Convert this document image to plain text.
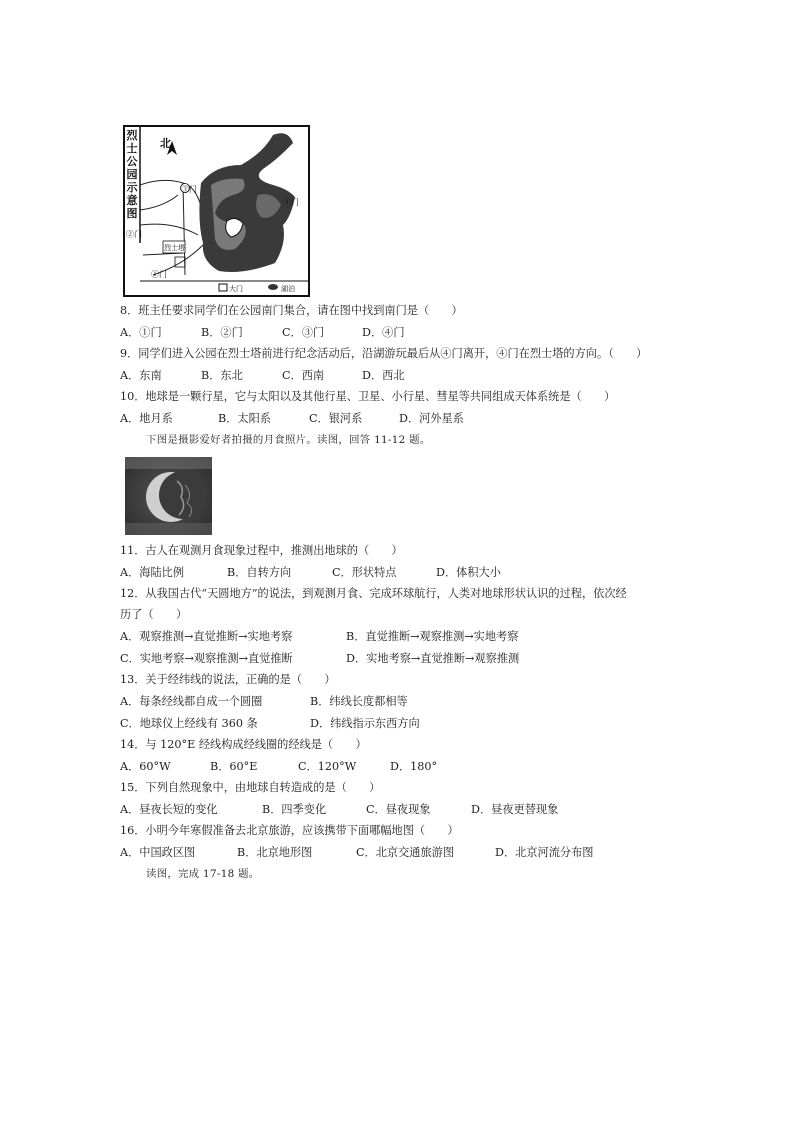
烈
士
公
园
示
意
图
北
③门
④门
②门
①门
烈士塔
大门	湖泊
8．班主任要求同学们在公园南门集合，请在图中找到南门是（　　）
A．①门	B．②门	C．③门	D．④门
9．同学们进入公园在烈士塔前进行纪念活动后，沿湖游玩最后从④门离开，④门在烈士塔的方向。（　　）
A．东南	B．东北	C．西南	D．西北
10．地球是一颗行星，它与太阳以及其他行星、卫星、小行星、彗星等共同组成天体系统是（　　）
A．地月系	B．太阳系	C．银河系	D．河外星系
下图是摄影爱好者拍摄的月食照片。读图，回答 11-12 题。
11．古人在观测月食现象过程中，推测出地球的（　　）
A．海陆比例	B．自转方向	C．形状特点	D．体积大小
12．从我国古代“天圆地方”的说法，到观测月食、完成环球航行，人类对地球形状认识的过程，依次经
历了（　　）
A．观察推测→直觉推断→实地考察	B．直觉推断→观察推测→实地考察
C．实地考察→观察推测→直觉推断	D．实地考察→直觉推断→观察推测
13．关于经纬线的说法，正确的是（　　）
A．每条经线都自成一个圆圈	B．纬线长度都相等
C．地球仪上经线有 360 条	D．纬线指示东西方向
14．与 120°E 经线构成经线圈的经线是（　　）
A．60°W	B．60°E	C．120°W	D．180°
15．下列自然现象中，由地球自转造成的是（　　）
A．昼夜长短的变化	B．四季变化	C．昼夜现象	D．昼夜更替现象
16．小明今年寒假准备去北京旅游，应该携带下面哪幅地图（　　）
A．中国政区图	B．北京地形图	C．北京交通旅游图	D．北京河流分布图
读图，完成 17-18 题。
